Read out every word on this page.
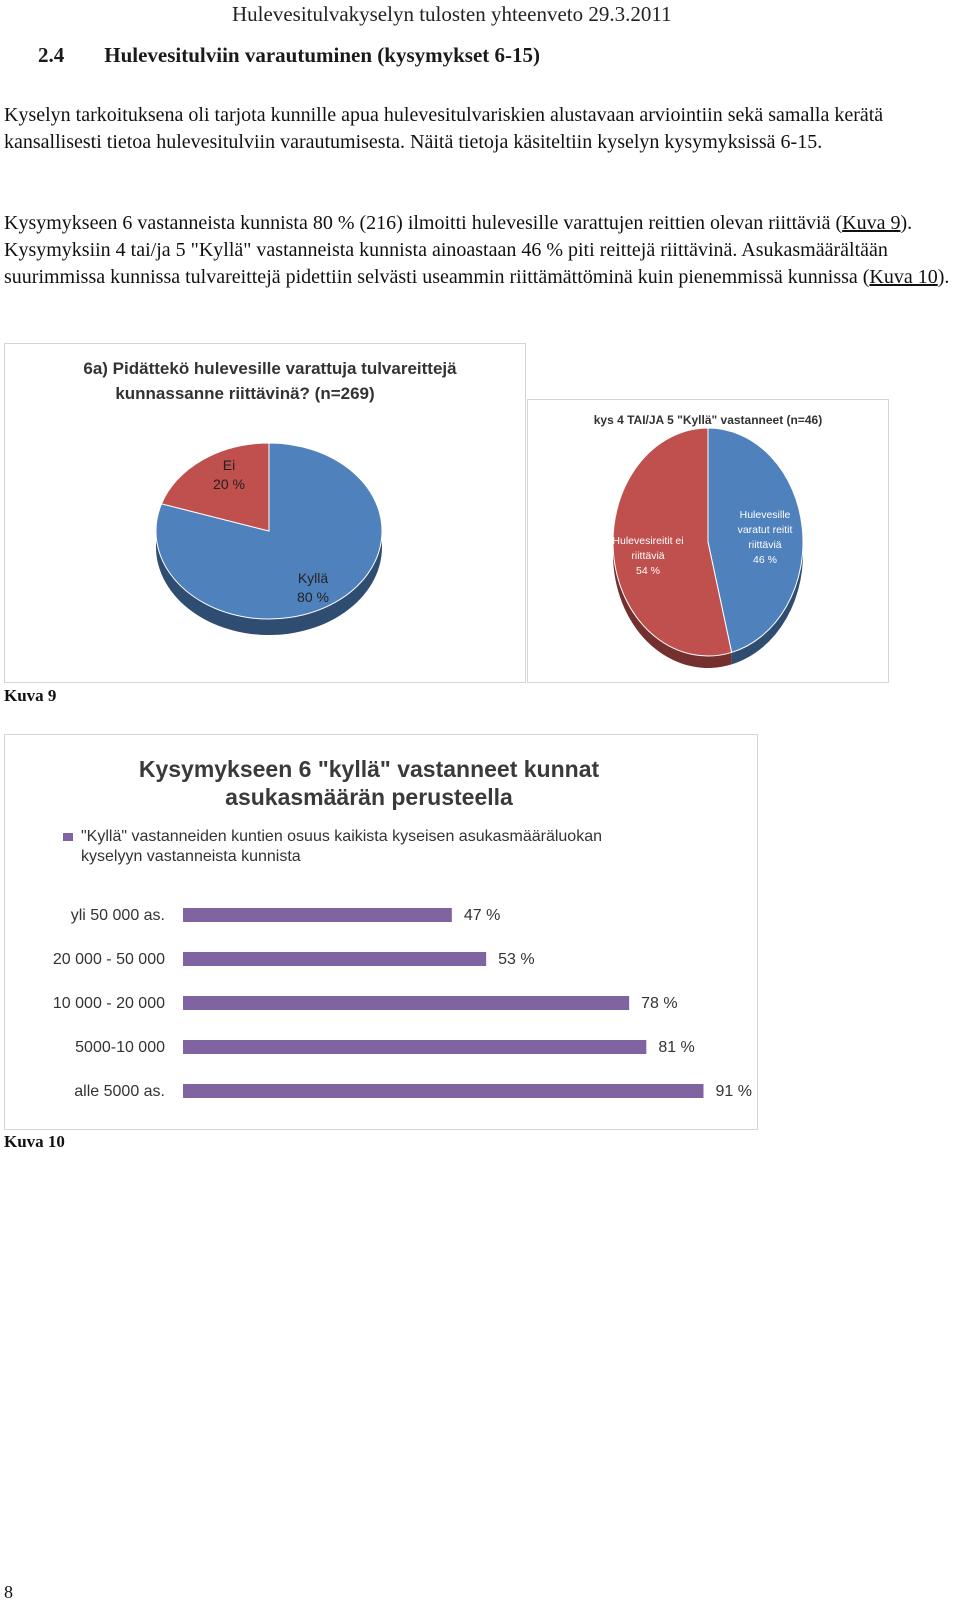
Hulevesitulvakyselyn tulosten yhteenveto 29.3.2011
2.4 Hulevesitulviin varautuminen (kysymykset 6-15)

Kyselyn tarkoituksena oli tarjota kunnille apua hulevesitulvariskien alustavaan arviointiin sekä samalla kerätä kansallisesti tietoa hulevesitulviin varautumisesta. Näitä tietoja käsiteltiin kyselyn kysymyksissä 6-15.

Kysymykseen 6 vastanneista kunnista 80 % (216) ilmoitti hulevesille varattujen reittien olevan riittäviä (Kuva 9). Kysymyksiin 4 tai/ja 5 "Kyllä" vastanneista kunnista ainoastaan 46 % piti reittejä riittävinä. Asukasmäärältään suurimmissa kunnissa tulvareittejä pidettiin selvästi useammin riittämättöminä kuin pienemmissä kunnissa (Kuva 10).

6a) Pidättekö hulevesille varattuja tulvareittejä
kunnassanne riittävinä? (n=269)
Kyllä
80 %
Ei
20 %
kys 4 TAI/JA 5 "Kyllä" vastanneet (n=46)
Hulevesille
varatut reitit
riittäviä
46 %
Hulevesireitit ei
riittäviä
54 %
Kuva 9
Kysymykseen 6 "kyllä" vastanneet kunnat
asukasmäärän perusteella
"Kyllä" vastanneiden kuntien osuus kaikista kyseisen asukasmääräluokan
kyselyyn vastanneista kunnista
yli 50 000 as.	47 %
20 000 - 50 000	53 %
10 000 - 20 000	78 %
5000-10 000	81 %
alle 5000 as.	91 %
Kuva 10
8
